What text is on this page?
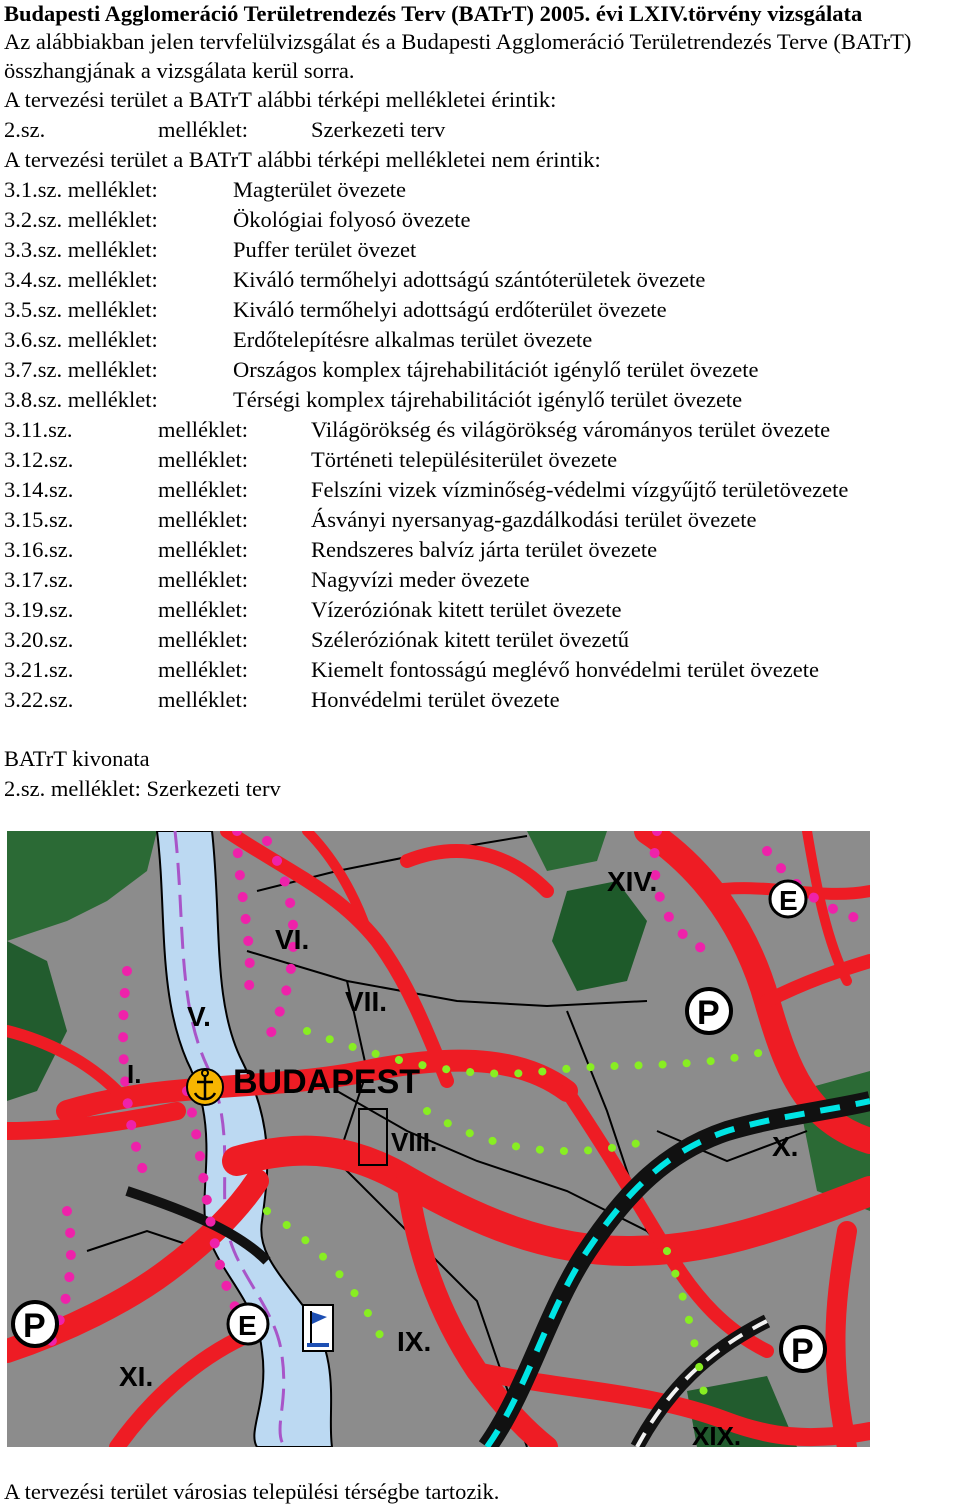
Budapesti Agglomeráció Területrendezés Terv (BATrT) 2005. évi LXIV.törvény vizsgálata

Az alábbiakban jelen tervfelülvizsgálat és a Budapesti Agglomeráció Területrendezés Terve (BATrT) összhangjának a vizsgálata kerül sorra.

A tervezési terület a BATrT alábbi térképi mellékletei érintik:

2.sz.	melléklet:	Szerkezeti terv

A tervezési terület a BATrT alábbi térképi mellékletei nem érintik:

3.1.sz. melléklet:	Magterület övezete
3.2.sz. melléklet:	Ökológiai folyosó övezete
3.3.sz. melléklet:	Puffer terület övezet
3.4.sz. melléklet:	Kiváló termőhelyi adottságú szántóterületek övezete
3.5.sz. melléklet:	Kiváló termőhelyi adottságú erdőterület övezete
3.6.sz. melléklet:	Erdőtelepítésre alkalmas terület övezete
3.7.sz. melléklet:	Országos komplex tájrehabilitációt igénylő terület övezete
3.8.sz. melléklet:	Térségi komplex tájrehabilitációt igénylő terület övezete
3.11.sz.	melléklet:	Világörökség és világörökség várományos terület övezete
3.12.sz.	melléklet:	Történeti településiterület övezete
3.14.sz.	melléklet:	Felszíni vizek vízminőség-védelmi vízgyűjtő területövezete
3.15.sz.	melléklet:	Ásványi nyersanyag-gazdálkodási terület övezete
3.16.sz.	melléklet:	Rendszeres balvíz járta terület övezete
3.17.sz.	melléklet:	Nagyvízi meder övezete
3.19.sz.	melléklet:	Vízeróziónak kitett terület övezete
3.20.sz.	melléklet:	Széleróziónak kitett terület övezetű
3.21.sz.	melléklet:	Kiemelt fontosságú meglévő honvédelmi terület övezete
3.22.sz.	melléklet:	Honvédelmi terület övezete

BATrT kivonata

2.sz. melléklet: Szerkezeti terv

XIV.
VI.
VII.
V.
I.	BUDAPEST
VIII.	X.
IX.
XI.
XIX.
P
P
P
E
E

A tervezési terület városias települési térségbe tartozik.
